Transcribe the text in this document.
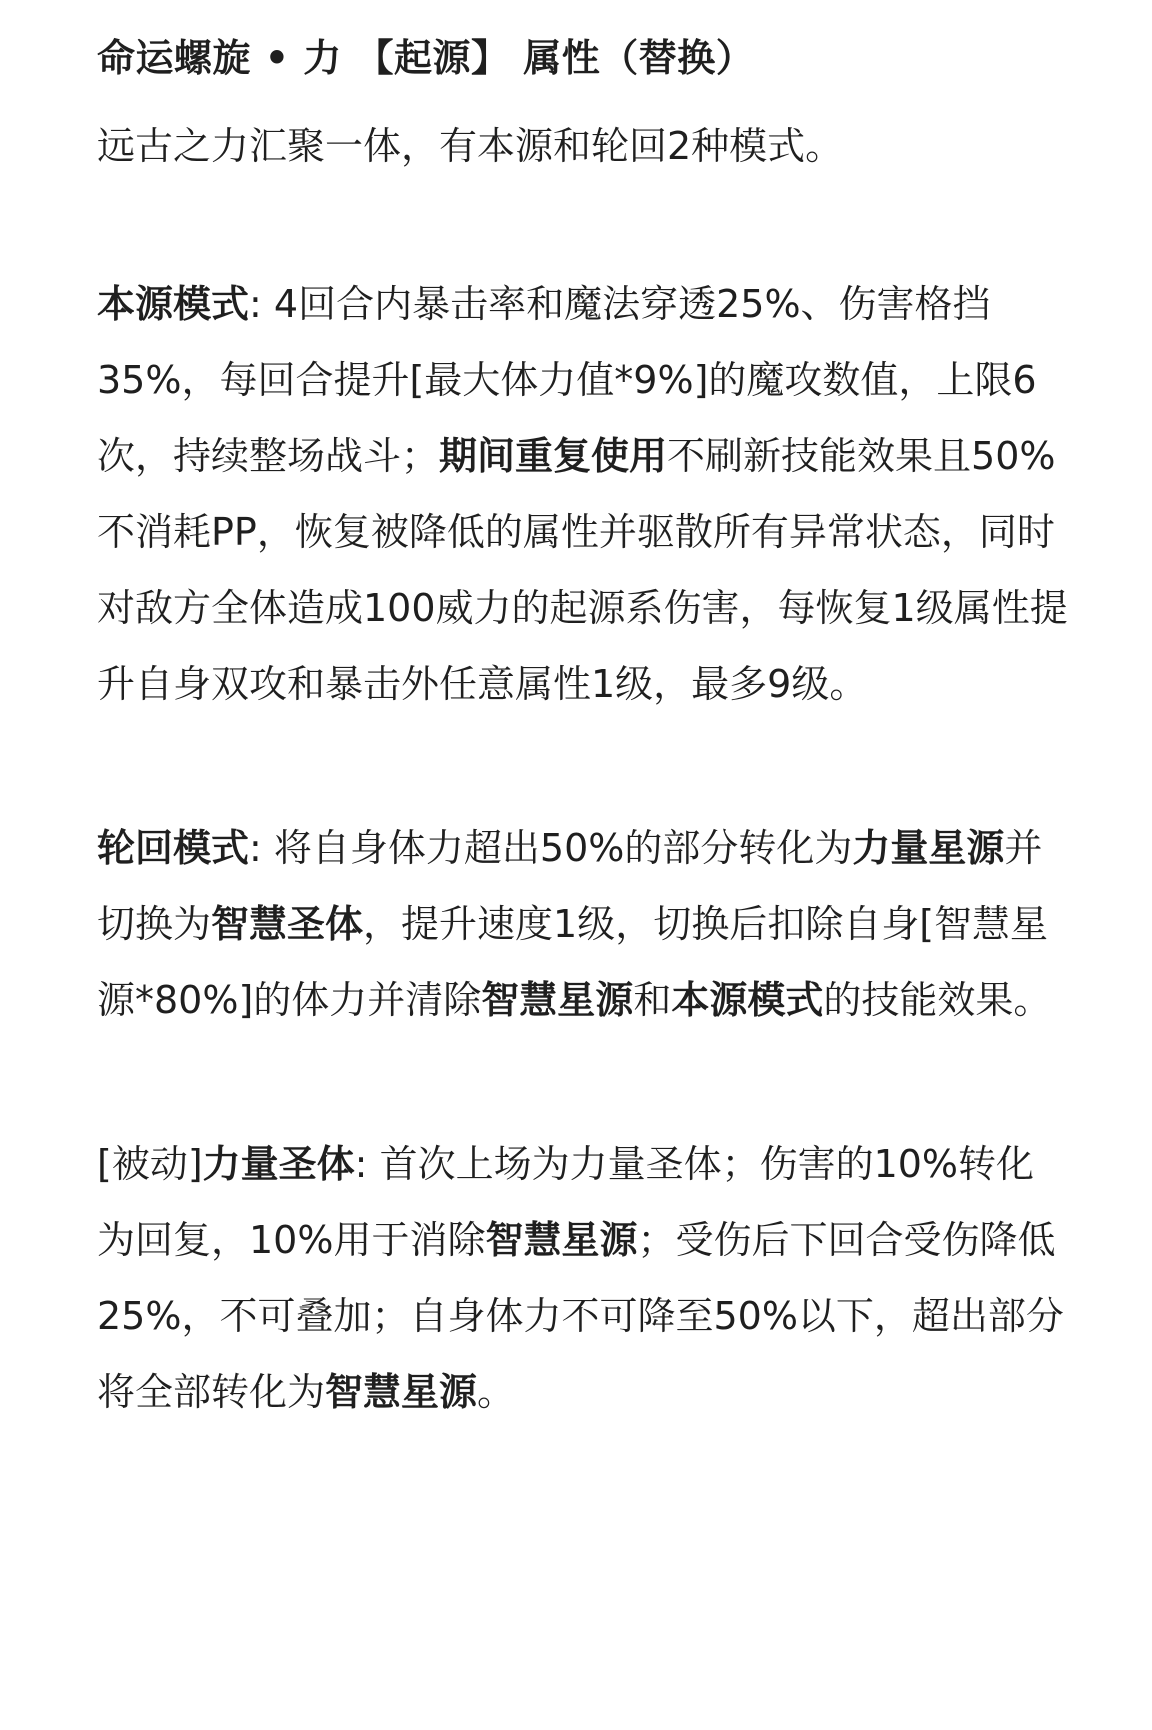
命运螺旋 • 力 【起源】 属性（替换）

远古之力汇聚一体，有本源和轮回2种模式。

本源模式: 4回合内暴击率和魔法穿透25%、伤害格挡35%，每回合提升[最大体力值*9%]的魔攻数值，上限6次，持续整场战斗；期间重复使用不刷新技能效果且50%不消耗PP，恢复被降低的属性并驱散所有异常状态，同时对敌方全体造成100威力的起源系伤害，每恢复1级属性提升自身双攻和暴击外任意属性1级，最多9级。

轮回模式: 将自身体力超出50%的部分转化为力量星源并切换为智慧圣体，提升速度1级，切换后扣除自身[智慧星源*80%]的体力并清除智慧星源和本源模式的技能效果。

[被动]力量圣体: 首次上场为力量圣体；伤害的10%转化为回复，10%用于消除智慧星源；受伤后下回合受伤降低25%，不可叠加；自身体力不可降至50%以下，超出部分将全部转化为智慧星源。
